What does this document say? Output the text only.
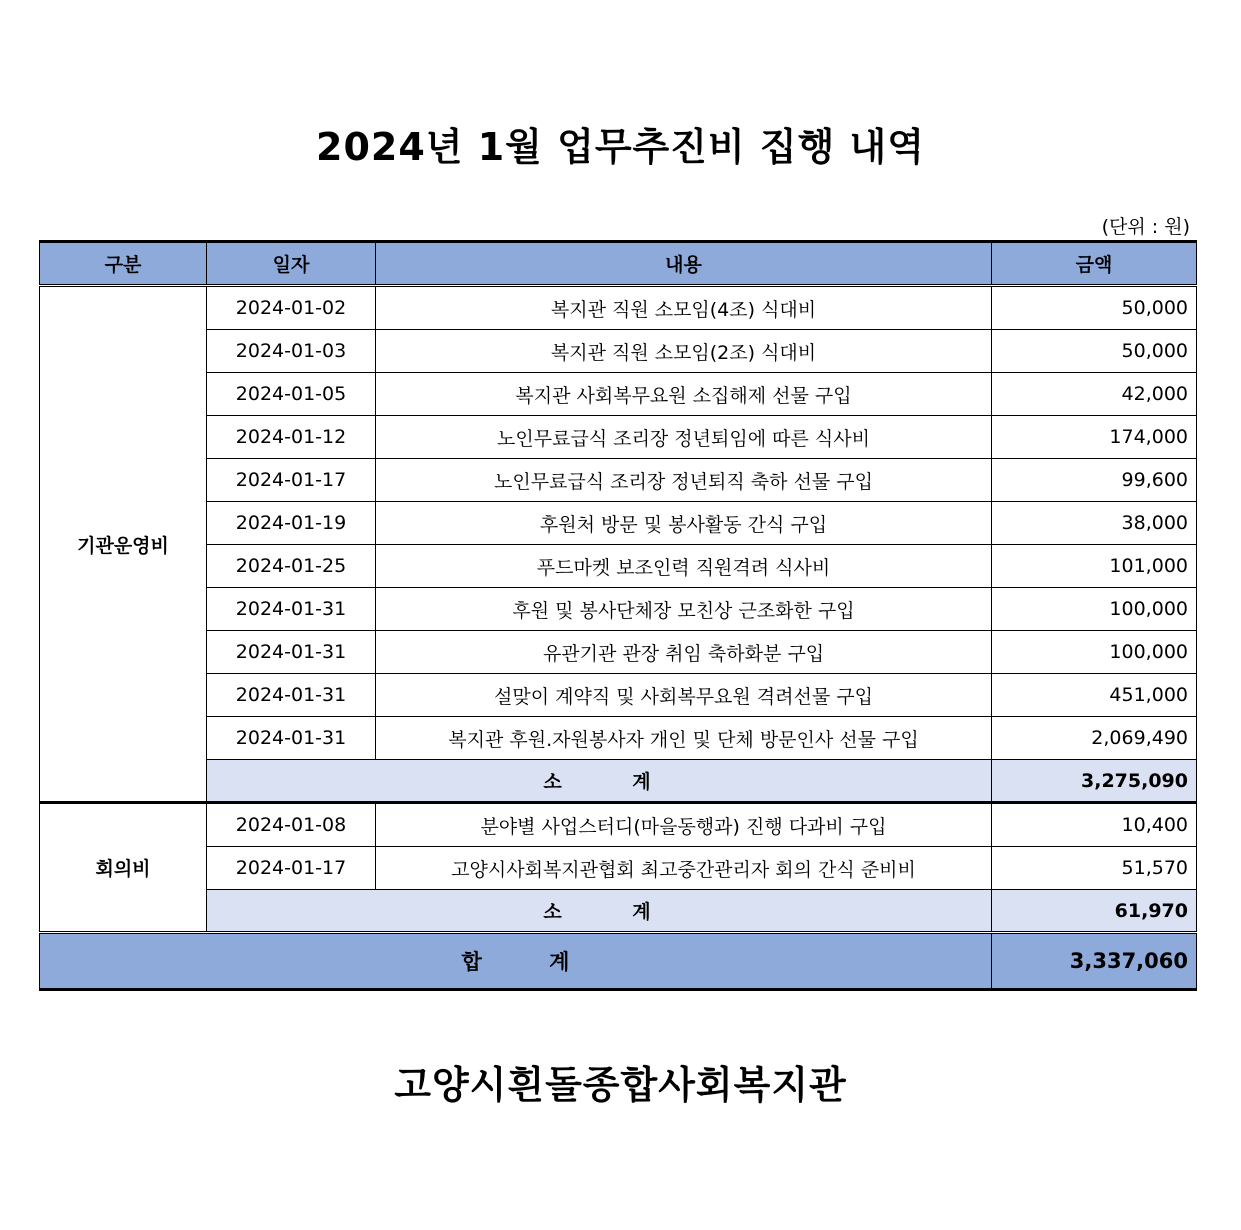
2024년 1월 업무추진비 집행 내역
(단위 : 원)
구분	일자	내용	금액
기관운영비	2024-01-02	복지관 직원 소모임(4조) 식대비	50,000
	2024-01-03	복지관 직원 소모임(2조) 식대비	50,000
	2024-01-05	복지관 사회복무요원 소집해제 선물 구입	42,000
	2024-01-12	노인무료급식 조리장 정년퇴임에 따른 식사비	174,000
	2024-01-17	노인무료급식 조리장 정년퇴직 축하 선물 구입	99,600
	2024-01-19	후원처 방문 및 봉사활동 간식 구입	38,000
	2024-01-25	푸드마켓 보조인력 직원격려 식사비	101,000
	2024-01-31	후원 및 봉사단체장 모친상 근조화한 구입	100,000
	2024-01-31	유관기관 관장 취임 축하화분 구입	100,000
	2024-01-31	설맞이 계약직 및 사회복무요원 격려선물 구입	451,000
	2024-01-31	복지관 후원.자원봉사자 개인 및 단체 방문인사 선물 구입	2,069,490
	소 계		3,275,090
회의비	2024-01-08	분야별 사업스터디(마을동행과) 진행 다과비 구입	10,400
	2024-01-17	고양시사회복지관협회 최고중간관리자 회의 간식 준비비	51,570
	소 계		61,970
합 계			3,337,060
고양시흰돌종합사회복지관
